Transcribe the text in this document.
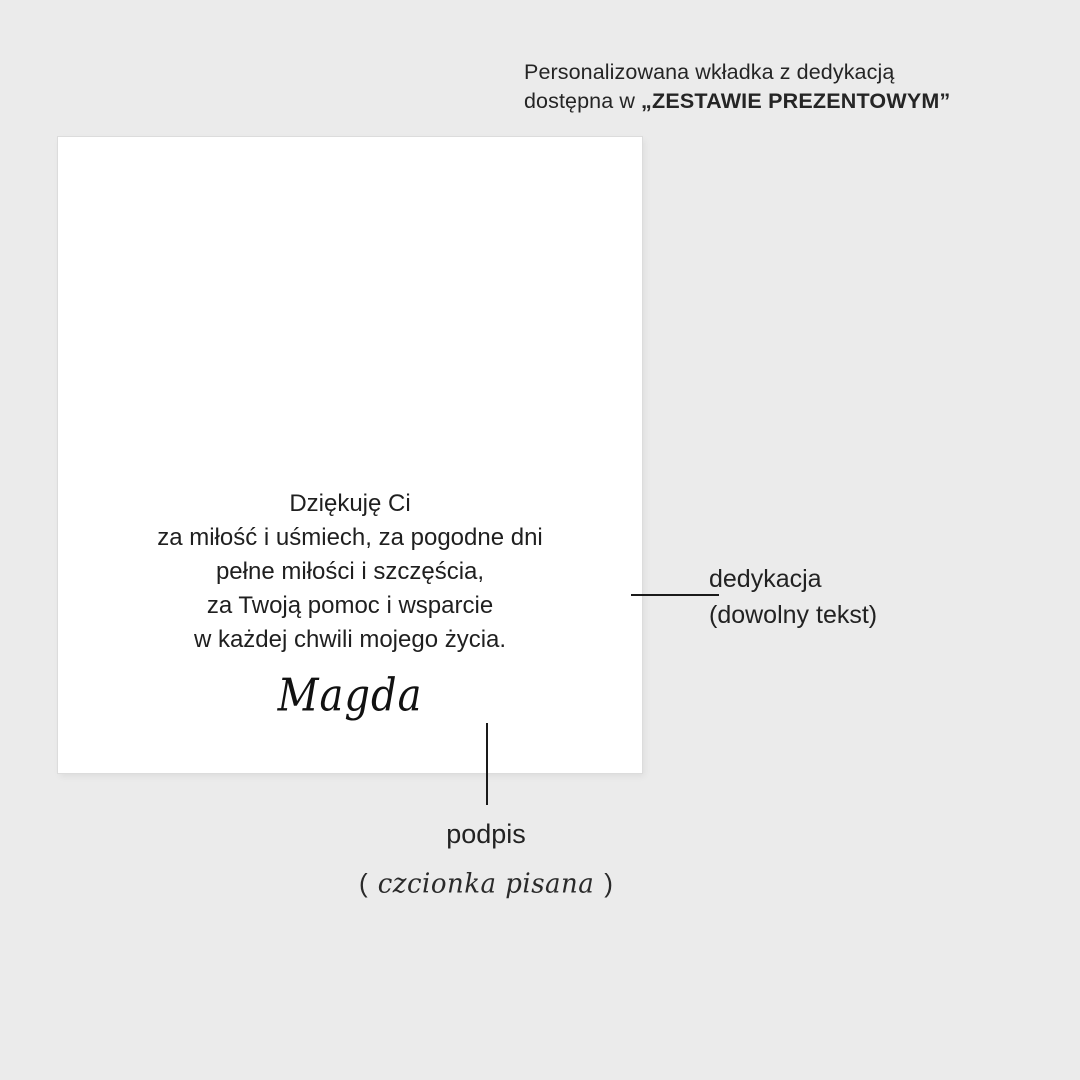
Personalizowana wkładka z dedykacją
dostępna w „ZESTAWIE PREZENTOWYM”
Dziękuję Ci
za miłość i uśmiech, za pogodne dni
pełne miłości i szczęścia,
za Twoją pomoc i wsparcie
w każdej chwili mojego życia.
Magda
dedykacja
(dowolny tekst)
podpis
( czcionka pisana )
